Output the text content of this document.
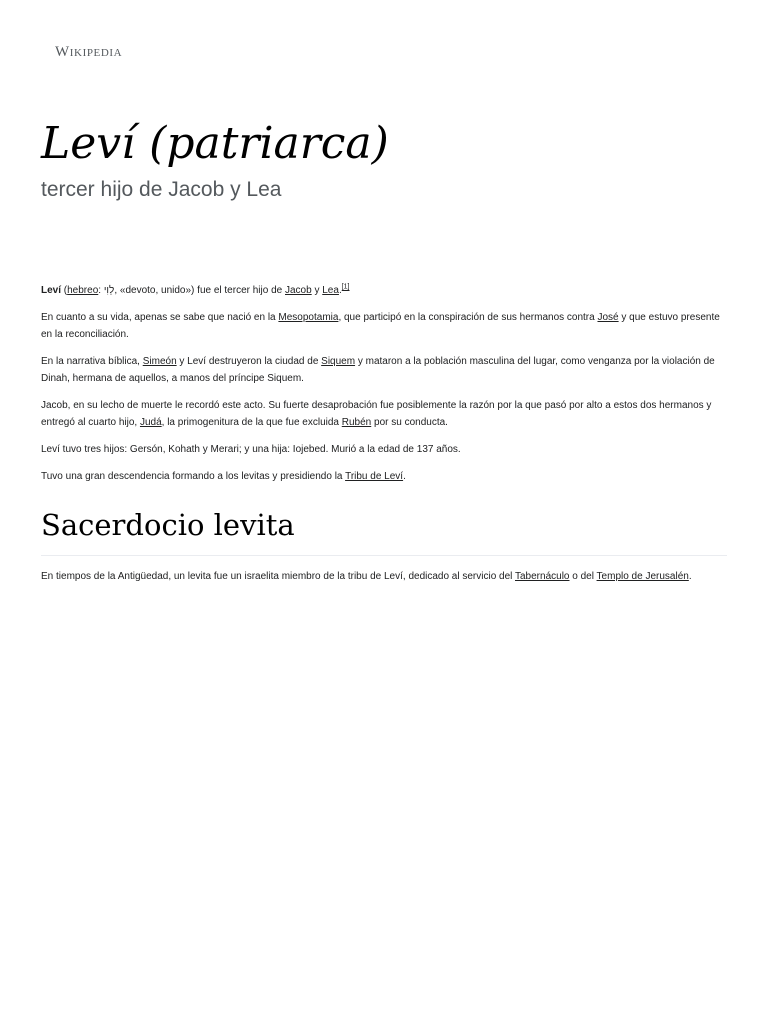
Wikipedia
Leví (patriarca)
tercer hijo de Jacob y Lea

Leví (hebreo: לֵוִי, «devoto, unido») fue el tercer hijo de Jacob y Lea.[1]

En cuanto a su vida, apenas se sabe que nació en la Mesopotamia, que participó en la conspiración de sus hermanos contra José y que estuvo presente en la reconciliación.

En la narrativa bíblica, Simeón y Leví destruyeron la ciudad de Siquem y mataron a la población masculina del lugar, como venganza por la violación de Dinah, hermana de aquellos, a manos del príncipe Siquem.

Jacob, en su lecho de muerte le recordó este acto. Su fuerte desaprobación fue posiblemente la razón por la que pasó por alto a estos dos hermanos y entregó al cuarto hijo, Judá, la primogenitura de la que fue excluida Rubén por su conducta.

Leví tuvo tres hijos: Gersón, Kohath y Merari; y una hija: Iojebed. Murió a la edad de 137 años.

Tuvo una gran descendencia formando a los levitas y presidiendo la Tribu de Leví.

Sacerdocio levita

En tiempos de la Antigüedad, un levita fue un israelita miembro de la tribu de Leví, dedicado al servicio del Tabernáculo o del Templo de Jerusalén.
